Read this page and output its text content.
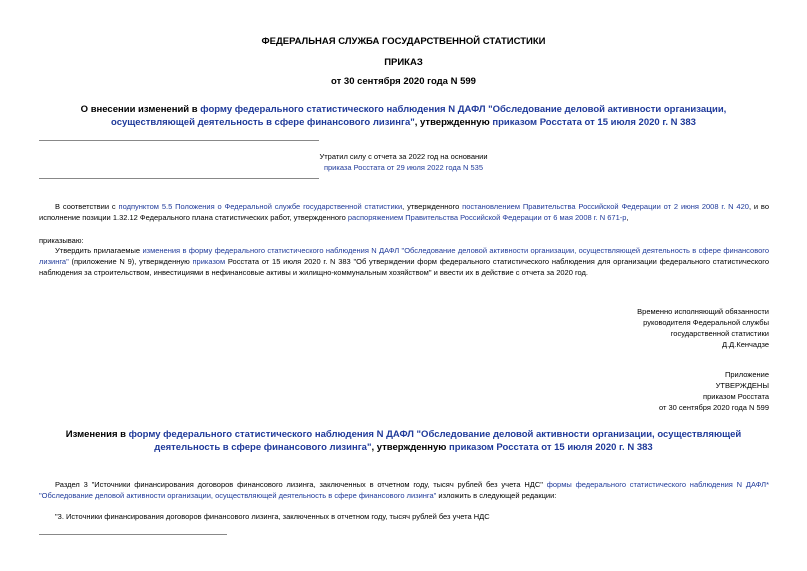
ФЕДЕРАЛЬНАЯ СЛУЖБА ГОСУДАРСТВЕННОЙ СТАТИСТИКИ
ПРИКАЗ
от 30 сентября 2020 года N 599
О внесении изменений в форму федерального статистического наблюдения N ДАФЛ "Обследование деловой активности организации, осуществляющей деятельность в сфере финансового лизинга", утвержденную приказом Росстата от 15 июля 2020 г. N 383
Утратил силу с отчета за 2022 год на основании
приказа Росстата от 29 июля 2022 года N 535
В соответствии с подпунктом 5.5 Положения о Федеральной службе государственной статистики, утвержденного постановлением Правительства Российской Федерации от 2 июня 2008 г. N 420, и во исполнение позиции 1.32.12 Федерального плана статистических работ, утвержденного распоряжением Правительства Российской Федерации от 6 мая 2008 г. N 671-р,
приказываю:
Утвердить прилагаемые изменения в форму федерального статистического наблюдения N ДАФЛ "Обследование деловой активности организации, осуществляющей деятельность в сфере финансового лизинга" (приложение N 9), утвержденную приказом Росстата от 15 июля 2020 г. N 383 "Об утверждении форм федерального статистического наблюдения для организации федерального статистического наблюдения за строительством, инвестициями в нефинансовые активы и жилищно-коммунальным хозяйством" и ввести их в действие с отчета за 2020 год.
Временно исполняющий обязанности
руководителя Федеральной службы
государственной статистики
Д.Д.Кенчадзе
Приложение
УТВЕРЖДЕНЫ
приказом Росстата
от 30 сентября 2020 года N 599
Изменения в форму федерального статистического наблюдения N ДАФЛ "Обследование деловой активности организации, осуществляющей деятельность в сфере финансового лизинга", утвержденную приказом Росстата от 15 июля 2020 г. N 383
Раздел 3 "Источники финансирования договоров финансового лизинга, заключенных в отчетном году, тысяч рублей без учета НДС" формы федерального статистического наблюдения N ДАФЛ* "Обследование деловой активности организации, осуществляющей деятельность в сфере финансового лизинга" изложить в следующей редакции:
"3. Источники финансирования договоров финансового лизинга, заключенных в отчетном году, тысяч рублей без учета НДС
